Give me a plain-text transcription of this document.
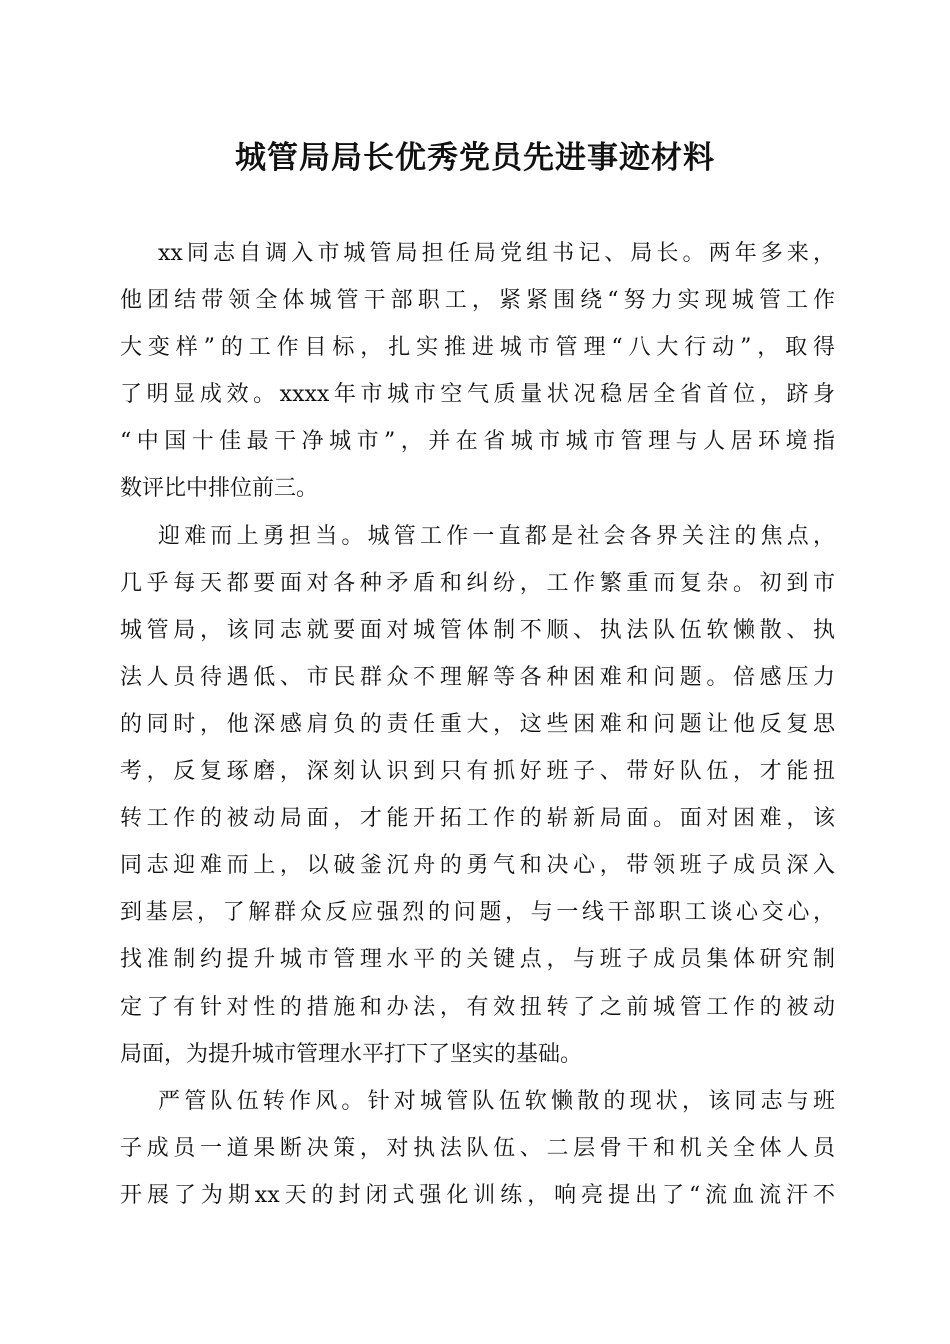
城管局局长优秀党员先进事迹材料
xx同志自调入市城管局担任局党组书记、局长。两年多来，
他团结带领全体城管干部职工，紧紧围绕“努力实现城管工作
大变样”的工作目标，扎实推进城市管理“八大行动”，取得
了明显成效。xxxx年市城市空气质量状况稳居全省首位，跻身
“中国十佳最干净城市”，并在省城市城市管理与人居环境指
数评比中排位前三。
迎难而上勇担当。城管工作一直都是社会各界关注的焦点，
几乎每天都要面对各种矛盾和纠纷，工作繁重而复杂。初到市
城管局，该同志就要面对城管体制不顺、执法队伍软懒散、执
法人员待遇低、市民群众不理解等各种困难和问题。倍感压力
的同时，他深感肩负的责任重大，这些困难和问题让他反复思
考，反复琢磨，深刻认识到只有抓好班子、带好队伍，才能扭
转工作的被动局面，才能开拓工作的崭新局面。面对困难，该
同志迎难而上，以破釜沉舟的勇气和决心，带领班子成员深入
到基层，了解群众反应强烈的问题，与一线干部职工谈心交心，
找准制约提升城市管理水平的关键点，与班子成员集体研究制
定了有针对性的措施和办法，有效扭转了之前城管工作的被动
局面，为提升城市管理水平打下了坚实的基础。
严管队伍转作风。针对城管队伍软懒散的现状，该同志与班
子成员一道果断决策，对执法队伍、二层骨干和机关全体人员
开展了为期xx天的封闭式强化训练，响亮提出了“流血流汗不
